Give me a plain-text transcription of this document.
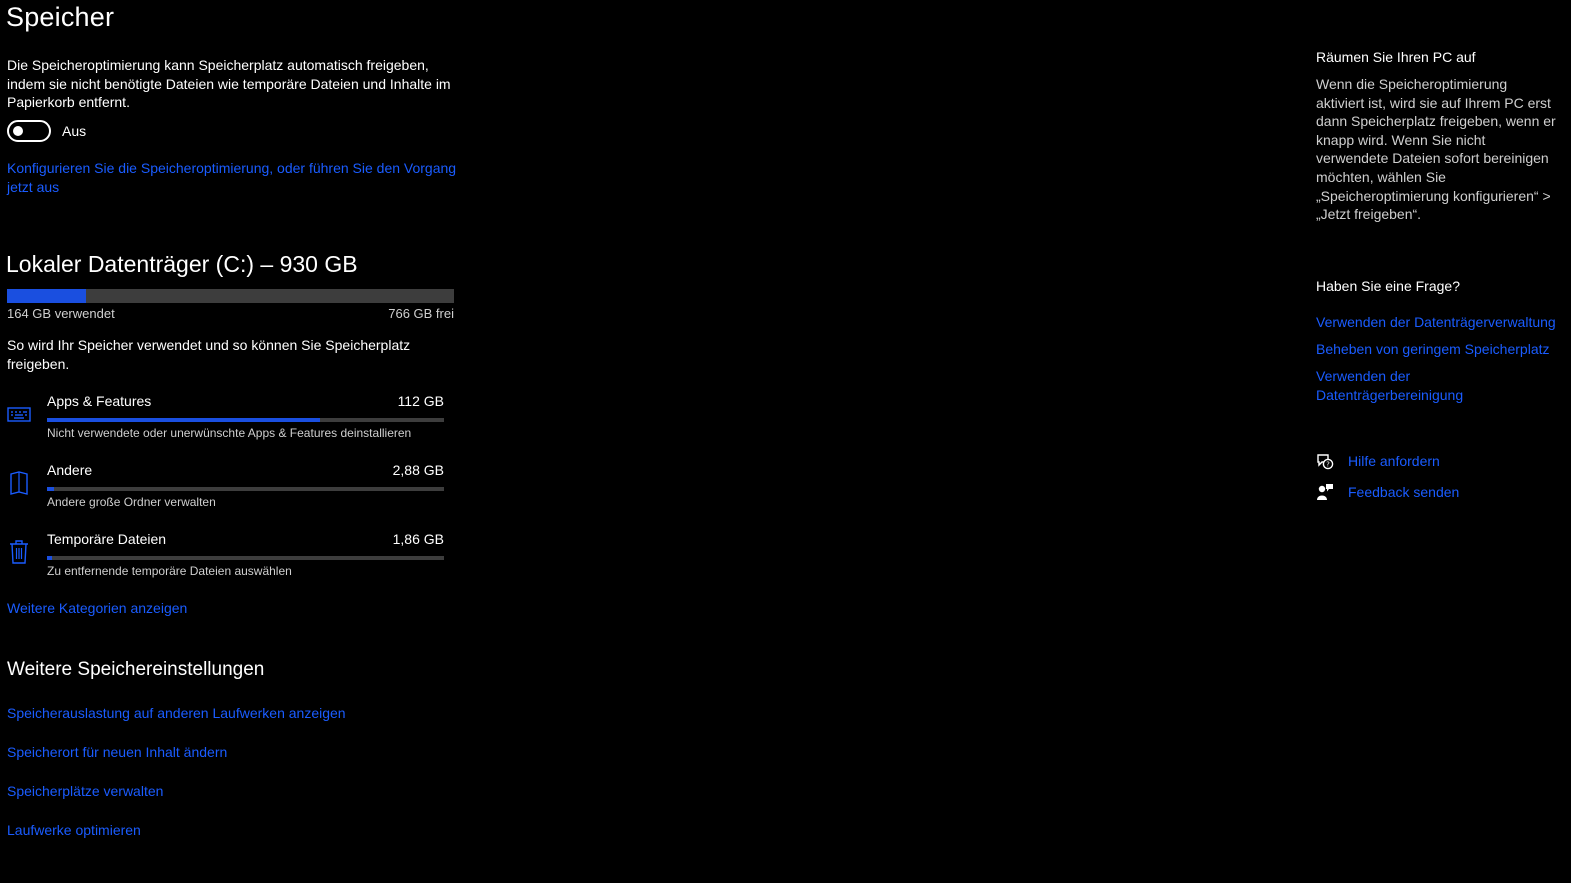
Speicher
Die Speicheroptimierung kann Speicherplatz automatisch freigeben, indem sie nicht benötigte Dateien wie temporäre Dateien und Inhalte im Papierkorb entfernt.
Aus
Konfigurieren Sie die Speicheroptimierung, oder führen Sie den Vorgang jetzt aus
Lokaler Datenträger (C:) – 930 GB
164 GB verwendet	766 GB frei
So wird Ihr Speicher verwendet und so können Sie Speicherplatz freigeben.
Apps & Features	112 GB
Nicht verwendete oder unerwünschte Apps & Features deinstallieren
Andere	2,88 GB
Andere große Ordner verwalten
Temporäre Dateien	1,86 GB
Zu entfernende temporäre Dateien auswählen
Weitere Kategorien anzeigen
Weitere Speichereinstellungen
Speicherauslastung auf anderen Laufwerken anzeigen
Speicherort für neuen Inhalt ändern
Speicherplätze verwalten
Laufwerke optimieren
Räumen Sie Ihren PC auf
Wenn die Speicheroptimierung aktiviert ist, wird sie auf Ihrem PC erst dann Speicherplatz freigeben, wenn er knapp wird. Wenn Sie nicht verwendete Dateien sofort bereinigen möchten, wählen Sie „Speicheroptimierung konfigurieren“ > „Jetzt freigeben“.
Haben Sie eine Frage?
Verwenden der Datenträgerverwaltung
Beheben von geringem Speicherplatz
Verwenden der Datenträgerbereinigung
? Hilfe anfordern
Feedback senden
